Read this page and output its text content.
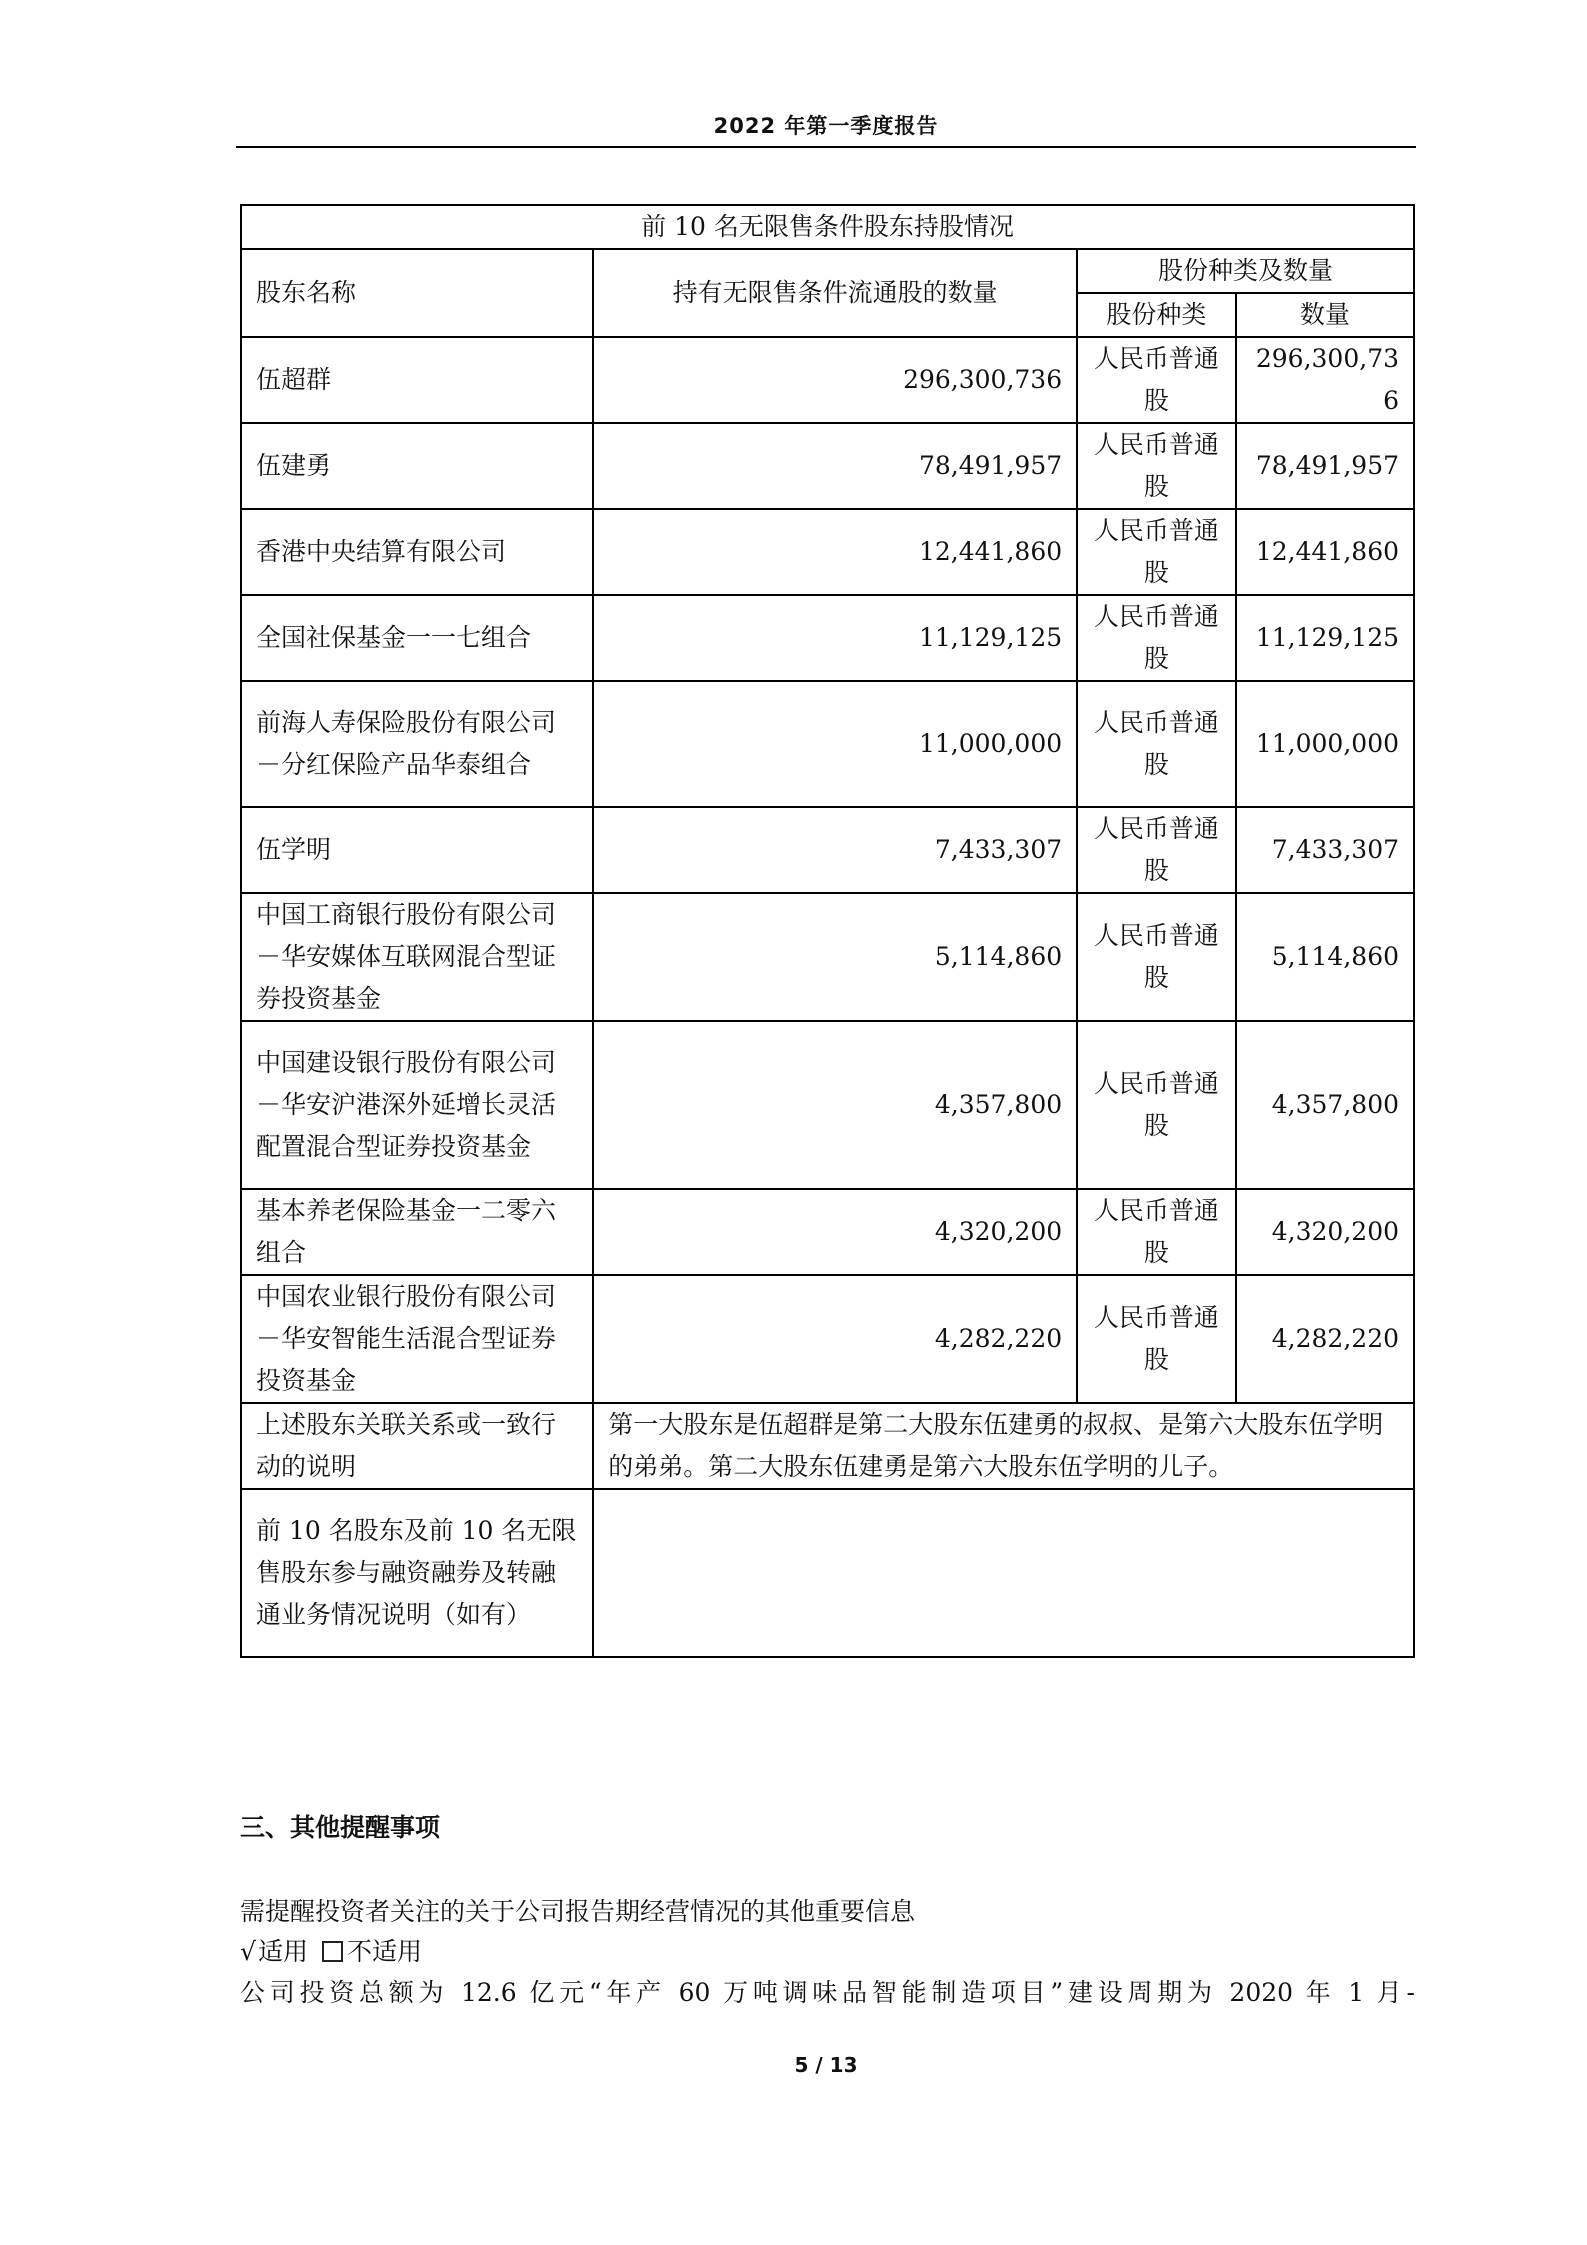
2022 年第一季度报告
前 10 名无限售条件股东持股情况			
股东名称	持有无限售条件流通股的数量	股份种类及数量	
		股份种类	数量
伍超群	296,300,736	人民币普通股	296,300,736
伍建勇	78,491,957	人民币普通股	78,491,957
香港中央结算有限公司	12,441,860	人民币普通股	12,441,860
全国社保基金一一七组合	11,129,125	人民币普通股	11,129,125
前海人寿保险股份有限公司－分红保险产品华泰组合	11,000,000	人民币普通股	11,000,000
伍学明	7,433,307	人民币普通股	7,433,307
中国工商银行股份有限公司－华安媒体互联网混合型证券投资基金	5,114,860	人民币普通股	5,114,860
中国建设银行股份有限公司－华安沪港深外延增长灵活配置混合型证券投资基金	4,357,800	人民币普通股	4,357,800
基本养老保险基金一二零六组合	4,320,200	人民币普通股	4,320,200
中国农业银行股份有限公司－华安智能生活混合型证券投资基金	4,282,220	人民币普通股	4,282,220
上述股东关联关系或一致行动的说明	第一大股东是伍超群是第二大股东伍建勇的叔叔、是第六大股东伍学明的弟弟。第二大股东伍建勇是第六大股东伍学明的儿子。		
前 10 名股东及前 10 名无限售股东参与融资融券及转融通业务情况说明（如有）			
三、其他提醒事项
需提醒投资者关注的关于公司报告期经营情况的其他重要信息
√适用 不适用
公司投资总额为 12.6 亿元“年产 60 万吨调味品智能制造项目”建设周期为 2020 年 1 月-
5 / 13
